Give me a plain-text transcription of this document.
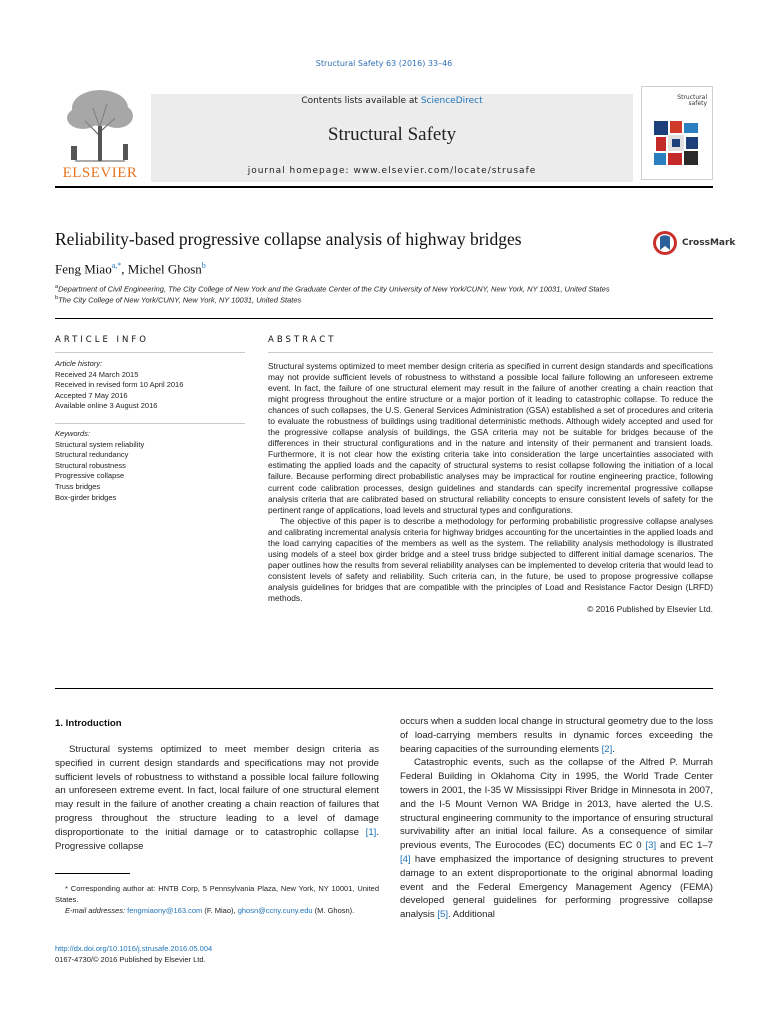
Structural Safety 63 (2016) 33–46
ELSEVIER
Contents lists available at ScienceDirect
Structural Safety
journal homepage: www.elsevier.com/locate/strusafe
Structural safety
Reliability-based progressive collapse analysis of highway bridges	CrossMark
Feng Miao$^{a,*}$, Michel Ghosn$^b$
$^a$Department of Civil Engineering, The City College of New York and the Graduate Center of the City University of New York/CUNY, New York, NY 10031, United States
$^b$The City College of New York/CUNY, New York, NY 10031, United States
ARTICLE INFO	ABSTRACT
Article history:
Received 24 March 2015
Received in revised form 10 April 2016
Accepted 7 May 2016
Available online 3 August 2016
Keywords:
Structural system reliability
Structural redundancy
Structural robustness
Progressive collapse
Truss bridges
Box-girder bridges

Structural systems optimized to meet member design criteria as specified in current design standards and specifications may not provide sufficient levels of robustness to withstand a possible local failure following an unforeseen extreme event. In fact, the failure of one structural element may result in the failure of another creating a chain reaction that might progress throughout the entire structure or a major portion of it leading to catastrophic collapse. To reduce the chances of such collapses, the U.S. General Services Administration (GSA) established a set of procedures and criteria to evaluate the robustness of buildings using traditional deterministic methods. Although widely accepted and used for the progressive collapse analysis of buildings, the GSA criteria may not be suitable for bridges because of the differences in their structural configurations and in the nature and intensity of their permanent and transient loads. Furthermore, it is not clear how the existing criteria take into consideration the large uncertainties associated with estimating the applied loads and the capacity of structural systems to resist collapse following the initiation of a local failure. Because performing direct probabilistic analyses may be impractical for routine engineering practice, following current code calibration processes, design guidelines and standards can specify incremental progressive collapse analysis criteria that are calibrated based on structural reliability concepts to ensure consistent levels of safety for the pertinent range of applications, load levels and structural types and configurations.

The objective of this paper is to describe a methodology for performing probabilistic progressive collapse analyses and calibrating incremental analysis criteria for highway bridges accounting for the uncertainties in the applied loads and the load carrying capacities of the members as well as the system. The reliability analysis methodology is illustrated using models of a steel box girder bridge and a steel truss bridge subjected to different initial damage scenarios. The paper outlines how the results from several reliability analyses can be implemented to develop criteria that would lead to consistent levels of safety and reliability. Such criteria can, in the future, be used to propose progressive collapse analysis guidelines for bridges that are compatible with the principles of Load and Resistance Factor Design (LRFD) methods.

© 2016 Published by Elsevier Ltd.
1. Introduction

Structural systems optimized to meet member design criteria as specified in current design standards and specifications may not provide sufficient levels of robustness to withstand a possible local failure following an unforeseen extreme event. In fact, local failure of one structural element may result in the failure of another creating a chain reaction of failures that progress throughout the structure leading to a level of damage disproportionate to the initial damage or to catastrophic collapse [1]. Progressive collapse

* Corresponding author at: HNTB Corp, 5 Pennsylvania Plaza, New York, NY 10001, United States.

E-mail addresses: fengmiaony@163.com (F. Miao), ghosn@ccny.cuny.edu (M. Ghosn).

http://dx.doi.org/10.1016/j.strusafe.2016.05.004
0167-4730/© 2016 Published by Elsevier Ltd.

occurs when a sudden local change in structural geometry due to the loss of load-carrying members results in dynamic forces exceeding the bearing capacities of the surrounding elements [2].

Catastrophic events, such as the collapse of the Alfred P. Murrah Federal Building in Oklahoma City in 1995, the World Trade Center towers in 2001, the I-35 W Mississippi River Bridge in Minnesota in 2007, and the I-5 Mount Vernon WA Bridge in 2013, have alerted the U.S. structural engineering community to the importance of ensuring structural survivability after an initial local failure. As a consequence of similar previous events, The Eurocodes (EC) documents EC 0 [3] and EC 1–7 [4] have emphasized the importance of designing structures to prevent damage to an extent disproportionate to the original abnormal loading event and the Federal Emergency Management Agency (FEMA) developed general guidelines for performing progressive collapse analysis [5]. Additional
